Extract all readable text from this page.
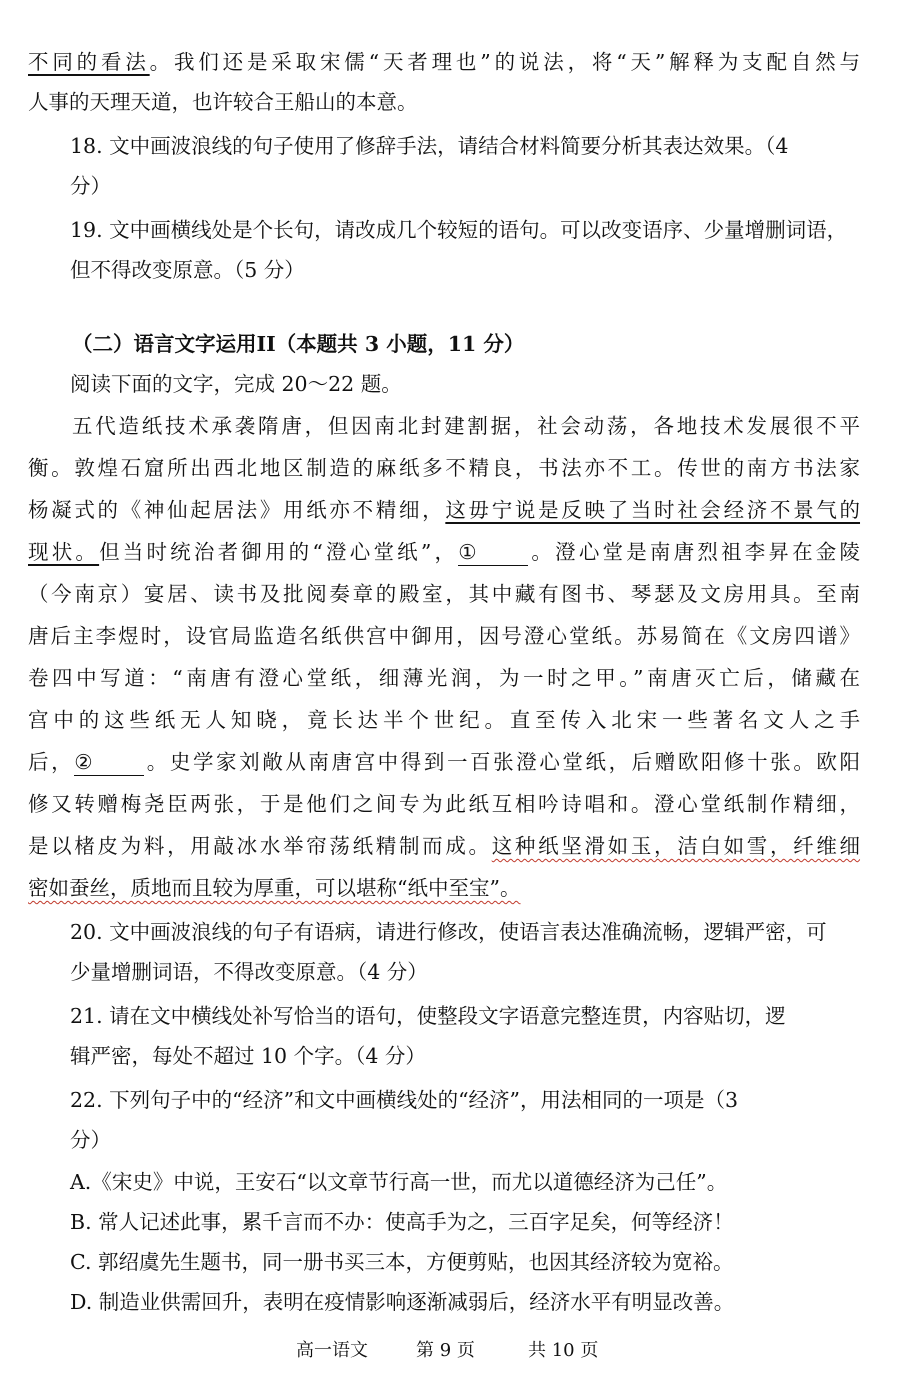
不同的看法。我们还是采取宋儒“天者理也”的说法，将“天”解释为支配自然与
人事的天理天道，也许较合王船山的本意。
18. 文中画波浪线的句子使用了修辞手法，请结合材料简要分析其表达效果。（4
分）
19. 文中画横线处是个长句，请改成几个较短的语句。可以改变语序、少量增删词语，
但不得改变原意。（5 分）
（二）语言文字运用II（本题共 3 小题，11 分）
阅读下面的文字，完成 20～22 题。
五代造纸技术承袭隋唐，但因南北封建割据，社会动荡，各地技术发展很不平
衡。敦煌石窟所出西北地区制造的麻纸多不精良，书法亦不工。传世的南方书法家
杨凝式的《神仙起居法》用纸亦不精细，这毋宁说是反映了当时社会经济不景气的
现状。但当时统治者御用的“澄心堂纸”，①	。澄心堂是南唐烈祖李昇在金陵
（今南京）宴居、读书及批阅奏章的殿室，其中藏有图书、琴瑟及文房用具。至南
唐后主李煜时，设官局监造名纸供宫中御用，因号澄心堂纸。苏易简在《文房四谱》
卷四中写道：“南唐有澄心堂纸，细薄光润，为一时之甲。”南唐灭亡后，储藏在
宫中的这些纸无人知晓，竟长达半个世纪。直至传入北宋一些著名文人之手
后，②	。史学家刘敞从南唐宫中得到一百张澄心堂纸，后赠欧阳修十张。欧阳
修又转赠梅尧臣两张，于是他们之间专为此纸互相吟诗唱和。澄心堂纸制作精细，
是以楮皮为料，用敲冰水举帘荡纸精制而成。这种纸坚滑如玉，洁白如雪，纤维细
密如蚕丝，质地而且较为厚重，可以堪称“纸中至宝”。
20. 文中画波浪线的句子有语病，请进行修改，使语言表达准确流畅，逻辑严密，可
少量增删词语，不得改变原意。（4 分）
21. 请在文中横线处补写恰当的语句，使整段文字语意完整连贯，内容贴切，逻
辑严密，每处不超过 10 个字。（4 分）
22. 下列句子中的“经济”和文中画横线处的“经济”，用法相同的一项是（3
分）
A.《宋史》中说，王安石“以文章节行高一世，而尤以道德经济为己任”。
B. 常人记述此事，累千言而不办：使高手为之，三百字足矣，何等经济！
C. 郭绍虞先生题书，同一册书买三本，方便剪贴，也因其经济较为宽裕。
D. 制造业供需回升，表明在疫情影响逐渐减弱后，经济水平有明显改善。
高一语文	第 9 页	共 10 页
